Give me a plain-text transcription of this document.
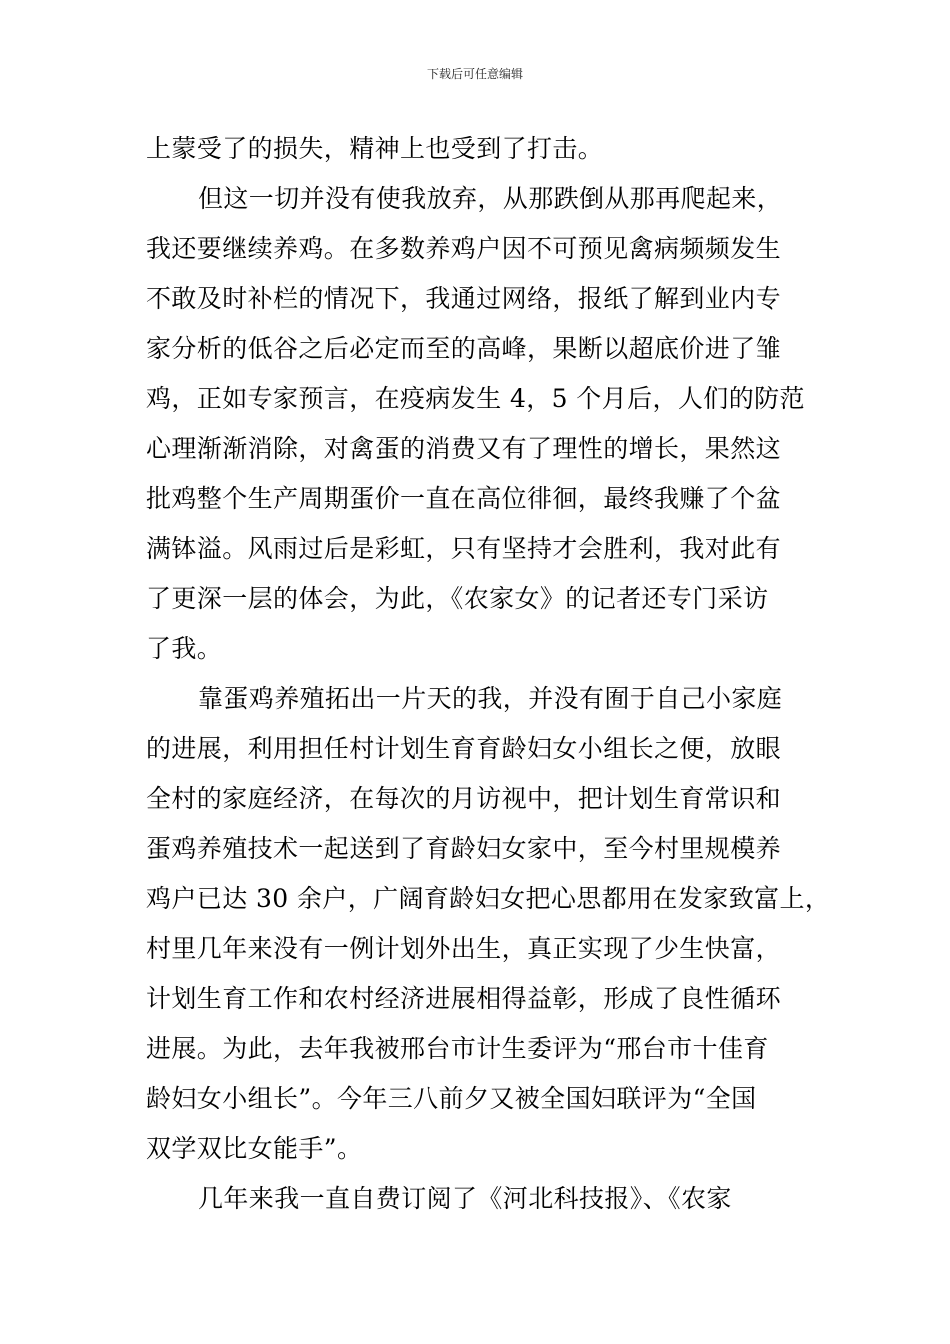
下载后可任意编辑
上蒙受了的损失，精神上也受到了打击。
但这一切并没有使我放弃，从那跌倒从那再爬起来，
我还要继续养鸡。在多数养鸡户因不可预见禽病频频发生
不敢及时补栏的情况下，我通过网络，报纸了解到业内专
家分析的低谷之后必定而至的高峰，果断以超底价进了雏
鸡，正如专家预言，在疫病发生 4，5 个月后，人们的防范
心理渐渐消除，对禽蛋的消费又有了理性的增长，果然这
批鸡整个生产周期蛋价一直在高位徘徊，最终我赚了个盆
满钵溢。风雨过后是彩虹，只有坚持才会胜利，我对此有
了更深一层的体会，为此，《农家女》的记者还专门采访
了我。
靠蛋鸡养殖拓出一片天的我，并没有囿于自己小家庭
的进展，利用担任村计划生育育龄妇女小组长之便，放眼
全村的家庭经济，在每次的月访视中，把计划生育常识和
蛋鸡养殖技术一起送到了育龄妇女家中，至今村里规模养
鸡户已达 30 余户，广阔育龄妇女把心思都用在发家致富上，
村里几年来没有一例计划外出生，真正实现了少生快富，
计划生育工作和农村经济进展相得益彰，形成了良性循环
进展。为此，去年我被邢台市计生委评为“邢台市十佳育
龄妇女小组长”。今年三八前夕又被全国妇联评为“全国
双学双比女能手”。
几年来我一直自费订阅了《河北科技报》、《农家
